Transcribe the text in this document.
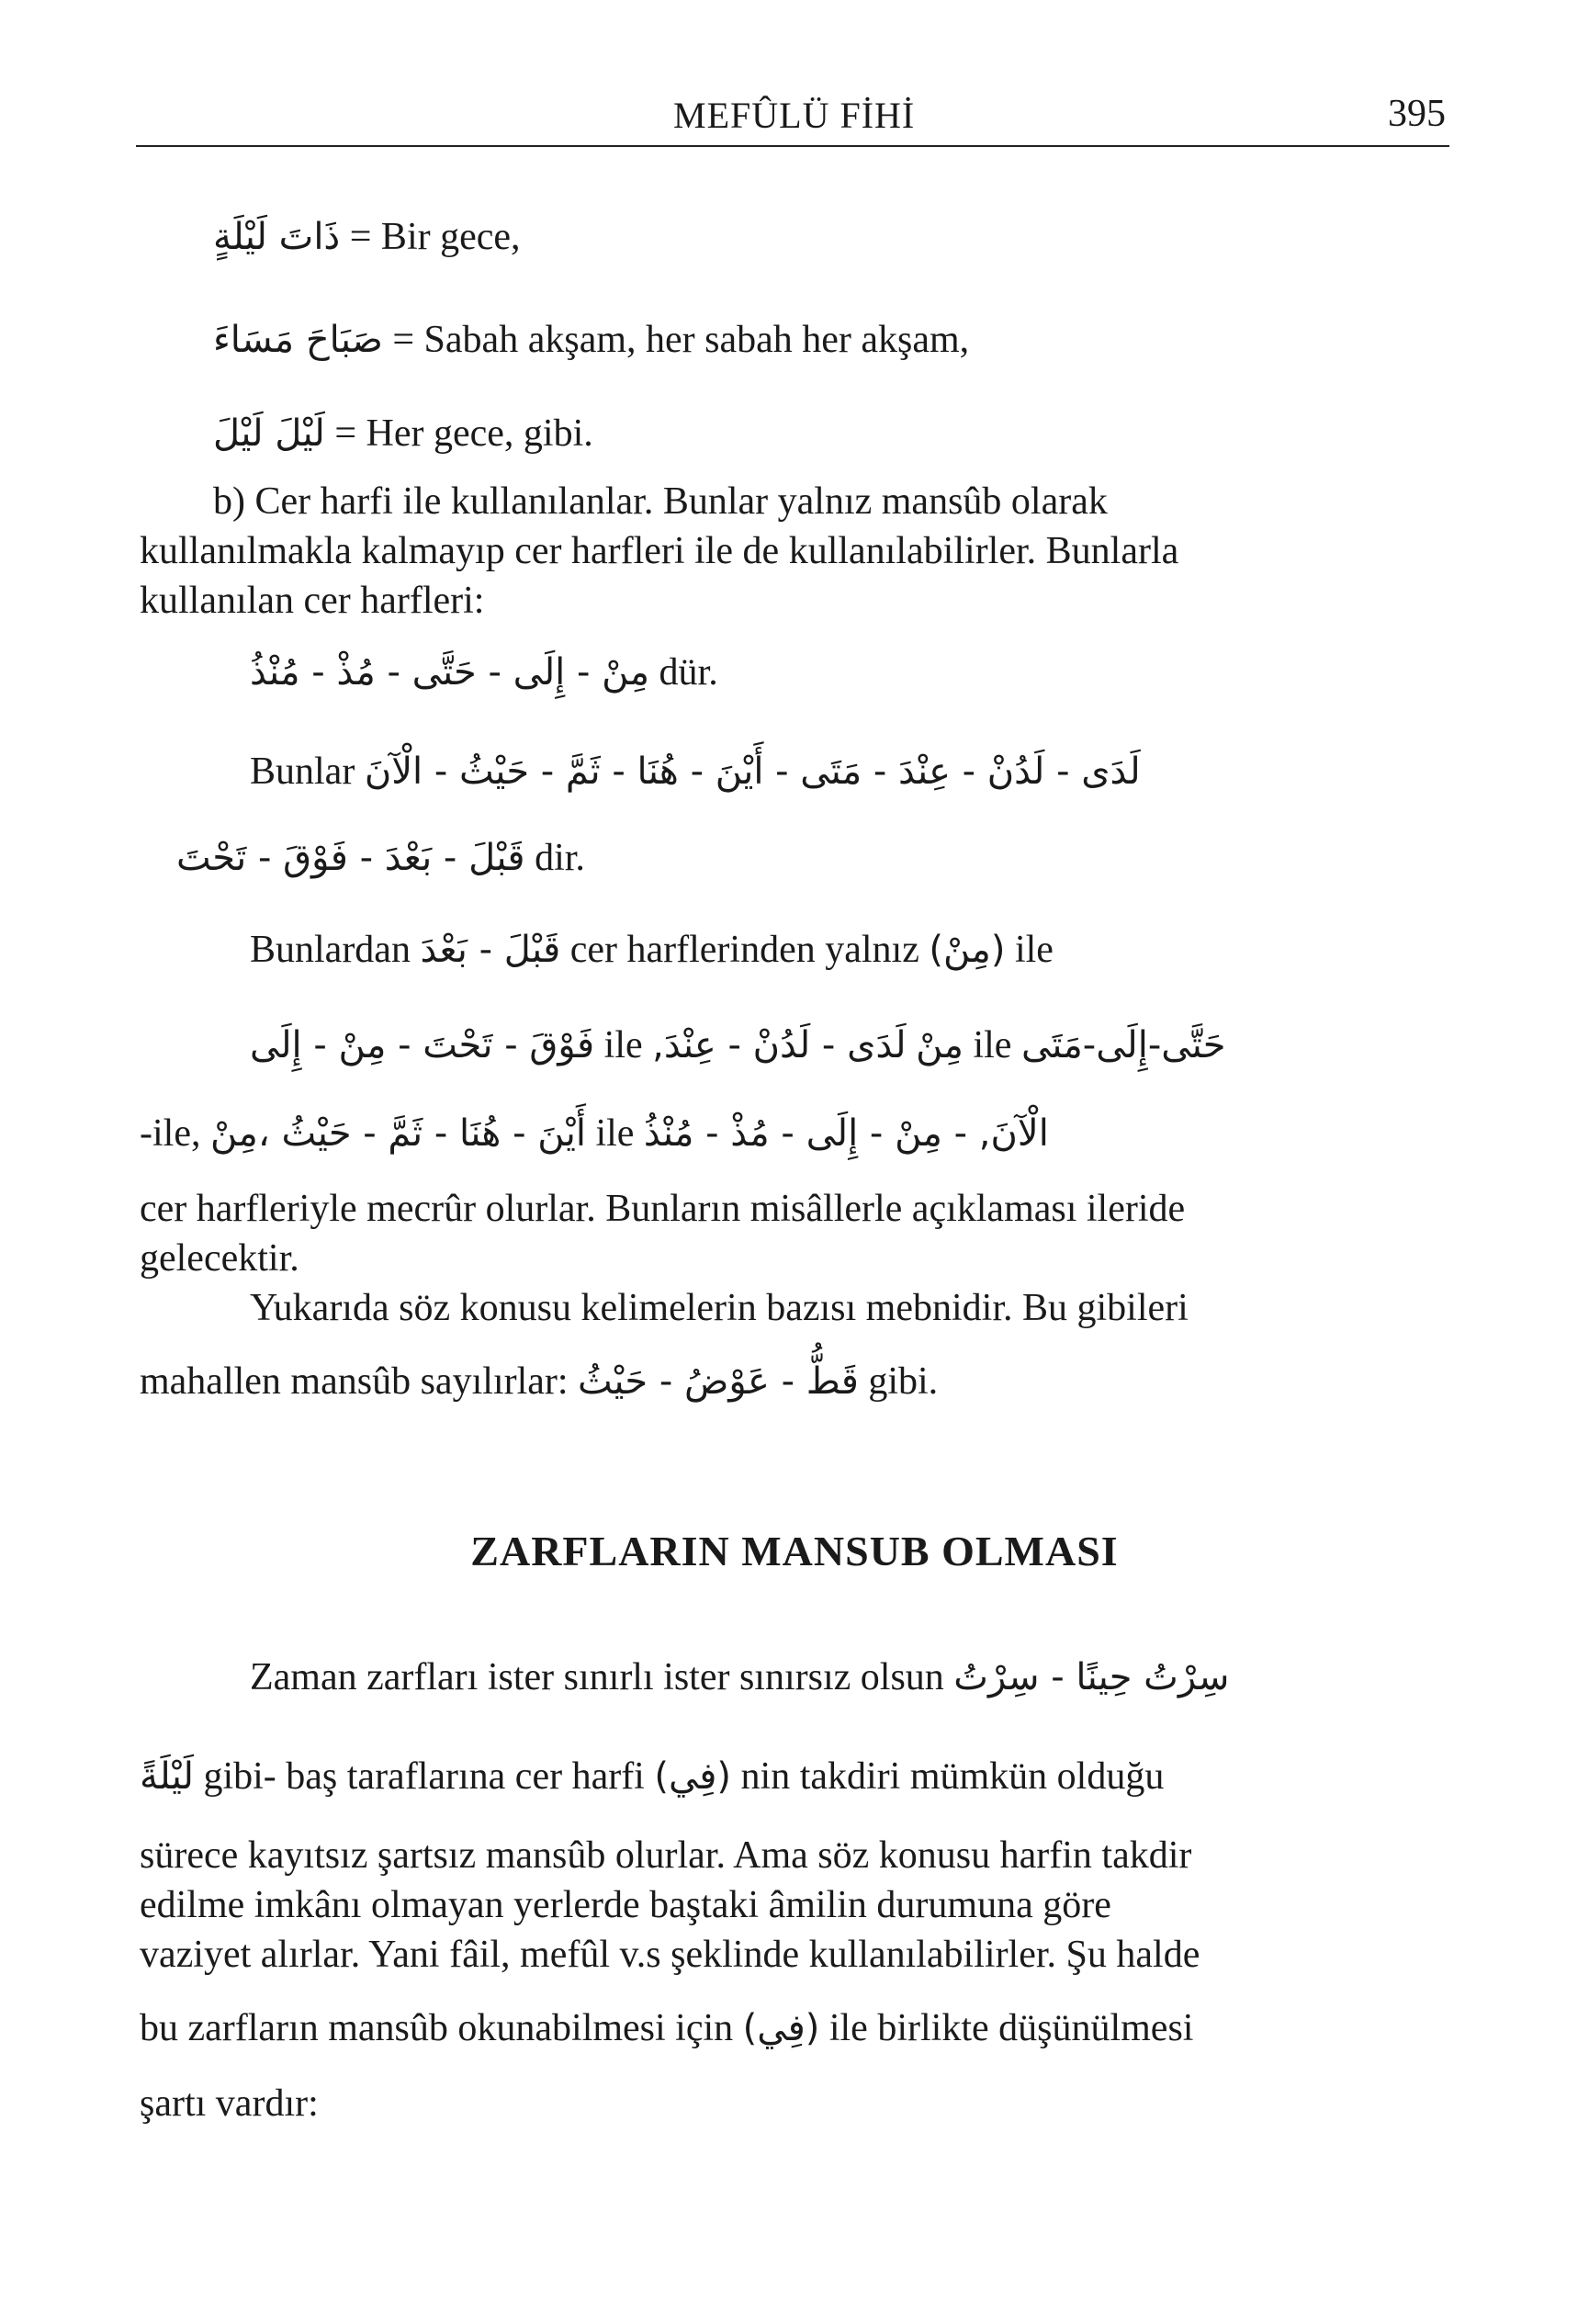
MEFÛLÜ FİHİ	395
ذَاتَ لَيْلَةٍ = Bir gece,
صَبَاحَ مَسَاءَ = Sabah akşam, her sabah her akşam,
لَيْلَ لَيْلَ = Her gece, gibi.
b) Cer harfi ile kullanılanlar. Bunlar yalnız mansûb olarak
kullanılmakla kalmayıp cer harfleri ile de kullanılabilirler. Bunlarla
kullanılan cer harfleri:
مِنْ - إِلَى - حَتَّى - مُذْ - مُنْذُ dür.
Bunlar لَدَى - لَدُنْ - عِنْدَ - مَتَى - أَيْنَ - هُنَا - ثَمَّ - حَيْثُ - الْآنَ
قَبْلَ - بَعْدَ - فَوْقَ - تَحْتَ dir.
Bunlardan قَبْلَ - بَعْدَ cer harflerinden yalnız (مِنْ) ile
فَوْقَ - تَحْتَ - مِنْ - إِلَى ile لَدَى - لَدُنْ - عِنْدَ, مِنْ ile حَتَّى-إِلَى-مَتَى
-ile, أَيْنَ - هُنَا - ثَمَّ - حَيْثُ ،مِنْ ile الْآنَ, - مِنْ - إِلَى - مُذْ - مُنْذُ
cer harfleriyle mecrûr olurlar. Bunların misâllerle açıklaması ileride
gelecektir.
Yukarıda söz konusu kelimelerin bazısı mebnidir. Bu gibileri
mahallen mansûb sayılırlar: قَطُّ - عَوْضُ - حَيْثُ gibi.
ZARFLARIN MANSUB OLMASI
Zaman zarfları ister sınırlı ister sınırsız olsun سِرْتُ حِينًا - سِرْتُ
لَيْلَةً gibi- baş taraflarına cer harfi (فِي) nin takdiri mümkün olduğu
sürece kayıtsız şartsız mansûb olurlar. Ama söz konusu harfin takdir
edilme imkânı olmayan yerlerde baştaki âmilin durumuna göre
vaziyet alırlar. Yani fâil, mefûl v.s şeklinde kullanılabilirler. Şu halde
bu zarfların mansûb okunabilmesi için (فِي) ile birlikte düşünülmesi
şartı vardır:
